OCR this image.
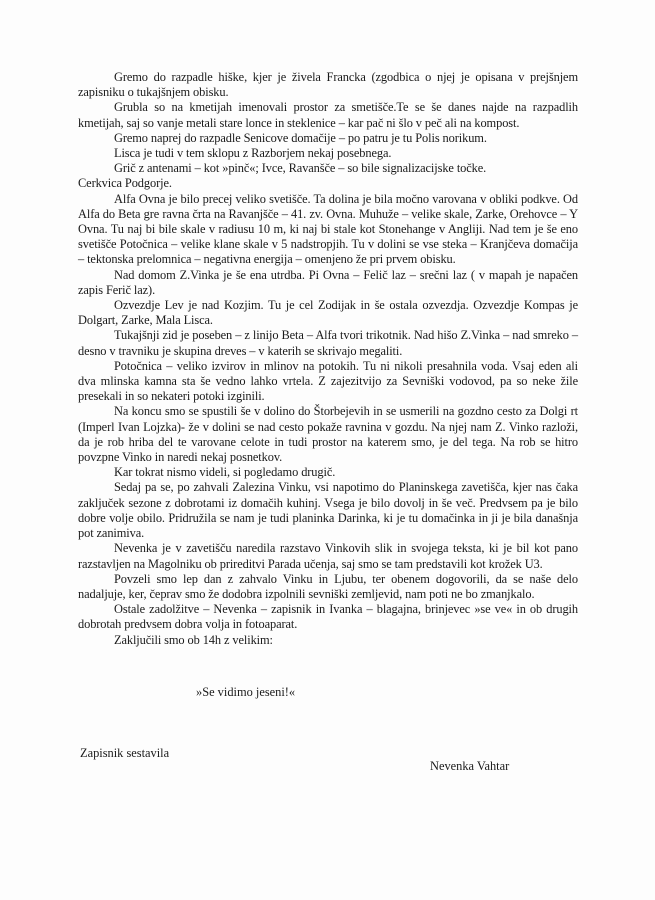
Gremo do razpadle hiške, kjer je živela Francka (zgodbica o njej je opisana v prejšnjem zapisniku o tukajšnjem obisku.

Grubla so na kmetijah imenovali prostor za smetišče.Te se še danes najde na razpadlih kmetijah, saj so vanje metali stare lonce in steklenice – kar pač ni šlo v peč ali na kompost.

Gremo naprej do razpadle Senicove domačije – po patru je tu Polis norikum.

Lisca je tudi v tem sklopu z Razborjem nekaj posebnega.

Grič z antenami – kot »pinč«; Ivce, Ravanšče – so bile signalizacijske točke.

Cerkvica Podgorje.

Alfa Ovna je bilo precej veliko svetišče. Ta dolina je bila močno varovana v obliki podkve. Od Alfa do Beta gre ravna črta na Ravanjšče – 41. zv. Ovna. Muhuže – velike skale, Zarke, Orehovce – Y Ovna. Tu naj bi bile skale v radiusu 10 m, ki naj bi stale kot Stonehange v Angliji. Nad tem je še eno svetišče Potočnica – velike klane skale v 5 nadstropjih. Tu v dolini se vse steka – Kranjčeva domačija – tektonska prelomnica – negativna energija – omenjeno že pri prvem obisku.

Nad domom Z.Vinka je še ena utrdba. Pi Ovna – Felič laz – srečni laz ( v mapah je napačen zapis Ferič laz).

Ozvezdje Lev je nad Kozjim. Tu je cel Zodijak in še ostala ozvezdja. Ozvezdje Kompas je Dolgart, Zarke, Mala Lisca.

Tukajšnji zid je poseben – z linijo Beta – Alfa tvori trikotnik. Nad hišo Z.Vinka – nad smreko – desno v travniku je skupina dreves – v katerih se skrivajo megaliti.

Potočnica – veliko izvirov in mlinov na potokih. Tu ni nikoli presahnila voda. Vsaj eden ali dva mlinska kamna sta še vedno lahko vrtela. Z zajezitvijo za Sevniški vodovod, pa so neke žile presekali in so nekateri potoki izginili.

Na koncu smo se spustili še v dolino do Štorbejevih in se usmerili na gozdno cesto za Dolgi rt (Imperl Ivan Lojzka)- že v dolini se nad cesto pokaže ravnina v gozdu. Na njej nam Z. Vinko razloži, da je rob hriba del te varovane celote in tudi prostor na katerem smo, je del tega. Na rob se hitro povzpne Vinko in naredi nekaj posnetkov.

Kar tokrat nismo videli, si pogledamo drugič.

Sedaj pa se, po zahvali Zalezina Vinku, vsi napotimo do Planinskega zavetišča, kjer nas čaka zaključek sezone z dobrotami iz domačih kuhinj. Vsega je bilo dovolj in še več. Predvsem pa je bilo dobre volje obilo. Pridružila se nam je tudi planinka Darinka, ki je tu domačinka in ji je bila današnja pot zanimiva.

Nevenka je v zavetišču naredila razstavo Vinkovih slik in svojega teksta, ki je bil kot pano razstavljen na Magolniku ob prireditvi Parada učenja, saj smo se tam predstavili kot krožek U3.

Povzeli smo lep dan z zahvalo Vinku in Ljubu, ter obenem dogovorili, da se naše delo nadaljuje, ker, čeprav smo že dodobra izpolnili sevniški zemljevid, nam poti ne bo zmanjkalo.

Ostale zadolžitve – Nevenka – zapisnik in Ivanka – blagajna, brinjevec »se ve« in ob drugih dobrotah predvsem dobra volja in fotoaparat.

Zaključili smo ob 14h z velikim:

»Se vidimo jeseni!«
Zapisnik sestavila
Nevenka Vahtar
